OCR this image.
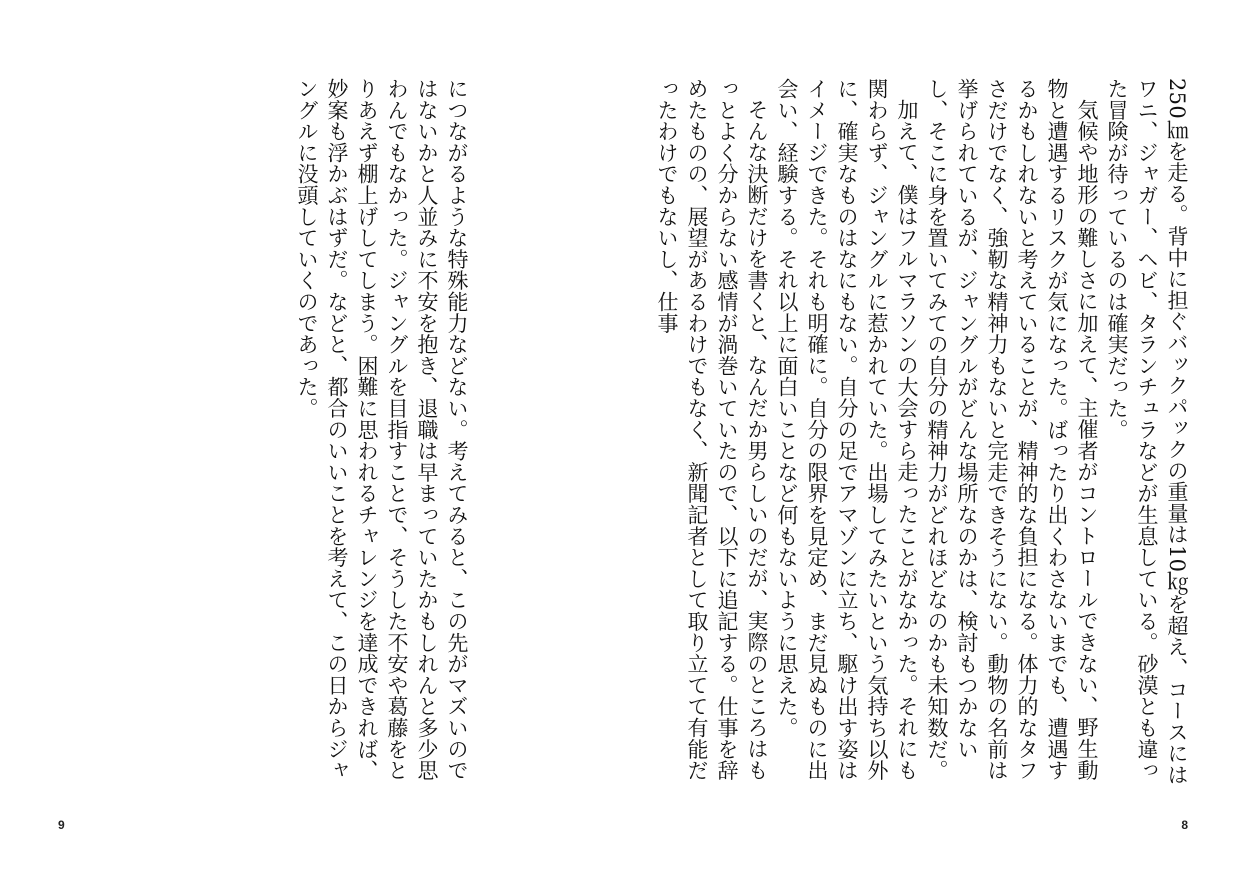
につながるような特殊能力などない。考えてみると、この先がマズいのではないかと人並みに不安を抱き、退職は早まっていたかもしれんと多少思わんでもなかった。ジャングルを目指すことで、そうした不安や葛藤をとりあえず棚上げしてしまう。困難に思われるチャレンジを達成できれば、妙案も浮かぶはずだ。などと、都合のいいことを考えて、この日からジャングルに没頭していくのであった。

9

250㎞を走る。背中に担ぐバックパックの重量は10㎏を超え、コースにはワニ、ジャガー、ヘビ、タランチュラなどが生息している。砂漠とも違った冒険が待っているのは確実だった。

気候や地形の難しさに加えて、主催者がコントロールできない、野生動物と遭遇するリスクが気になった。ばったり出くわさないまでも、遭遇するかもしれないと考えていることが、精神的な負担になる。体力的なタフさだけでなく、強靭な精神力もないと完走できそうにない。動物の名前は挙げられているが、ジャングルがどんな場所なのかは、検討もつかないし、そこに身を置いてみての自分の精神力がどれほどなのかも未知数だ。

加えて、僕はフルマラソンの大会すら走ったことがなかった。それにも関わらず、ジャングルに惹かれていた。出場してみたいという気持ち以外に、確実なものはなにもない。自分の足でアマゾンに立ち、駆け出す姿はイメージできた。それも明確に。自分の限界を見定め、まだ見ぬものに出会い、経験する。それ以上に面白いことなど何もないように思えた。

そんな決断だけを書くと、なんだか男らしいのだが、実際のところはもっとよく分からない感情が渦巻いていたので、以下に追記する。仕事を辞めたものの、展望があるわけでもなく、新聞記者として取り立てて有能だったわけでもないし、仕事

8
